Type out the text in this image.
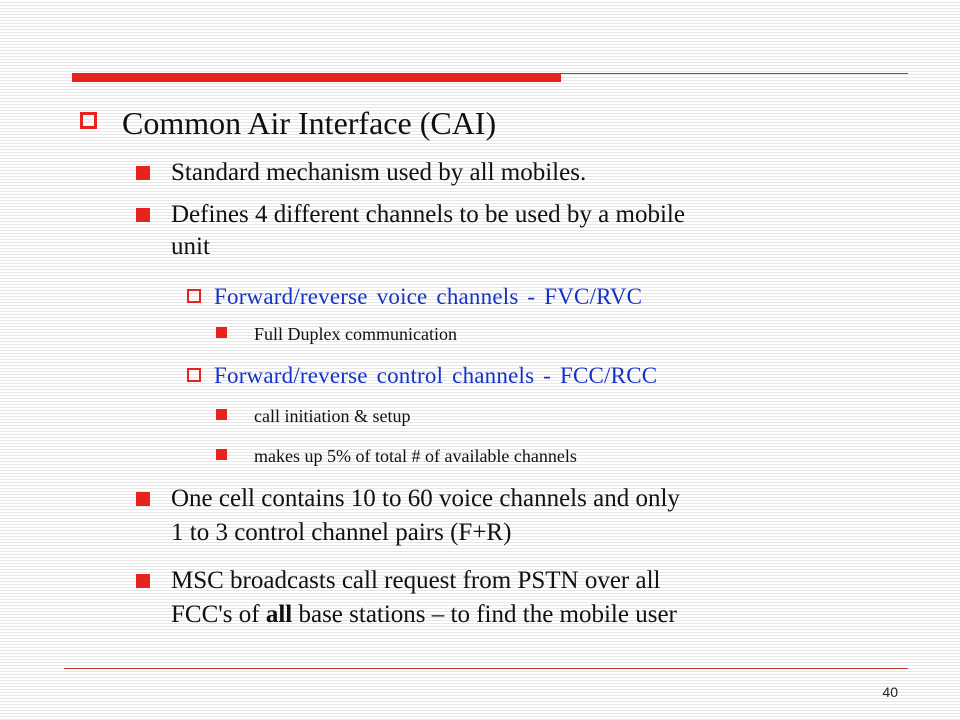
Common Air Interface (CAI)
Standard mechanism used by all mobiles.
Defines 4 different channels to be used by a mobile
unit
Forward/reverse voice channels - FVC/RVC
Full Duplex communication
Forward/reverse control channels - FCC/RCC
call initiation & setup
makes up 5% of total # of available channels
One cell contains 10 to 60 voice channels and only
1 to 3 control channel pairs (F+R)
MSC broadcasts call request from PSTN over all
FCC's of all base stations – to find the mobile user
40
